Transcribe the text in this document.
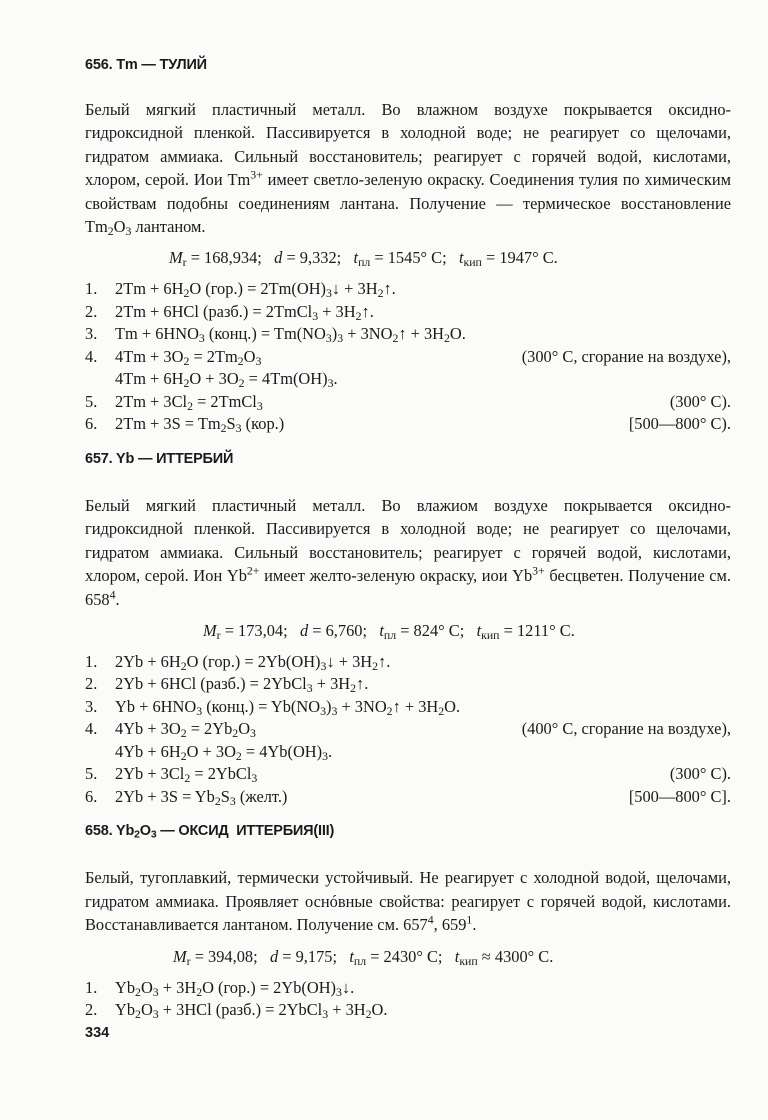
656. Tm — ТУЛИЙ

Белый мягкий пластичный металл. Во влажном воздухе покрывается оксидно-гидроксидной пленкой. Пассивируется в холодной воде; не реагирует со щелочами, гидратом аммиака. Сильный восстановитель; реагирует с горячей водой, кислотами, хлором, серой. Иои $Tm^{3+}$ имеет светло-зеленую окраску. Соединения тулия по химическим свойствам подобны соединениям лантана. Получение — термическое восстановление $Tm_2O_3$ лантаном.

$M_r = 168,934$;   d = 9,332;   $t_{пл} = 1545^\circ$ C;   $t_{кип} = 1947^\circ$ C.
1.	$2Tm + 6H_2O$ $(гор.) = 2Tm(OH)_3↓$ + $3H_2↑$.
2.	2Tm + 6HCl (разб.) = 2TmCl$_3$ + $3H_2↑$.
3.	$Tm + 6HNO_3$ (конц.) = $Tm(NO_3)_3$ + $3NO_2↑ + 3H_2O$.
4.	$4Tm + 3O_2 = 2Tm_2O_3$	(300° C, сгорание на воздухе),
$4Tm + 6H_2O + 3O_2 = 4Tm(OH)_3$.
5.	$2Tm + 3Cl_2$ = 2TmCl$_3$	(300° C).
6.	$2Tm + 3S = Tm_2S_3$ (кор.)	[500—800° C).
657. Yb — ИТТЕРБИЙ

Белый мягкий пластичный металл. Во влажиом воздухе покрывается оксидно-гидроксидной пленкой. Пассивируется в холодной воде; не реагирует со щелочами, гидратом аммиака. Сильный восстановитель; реагирует с горячей водой, кислотами, хлором, серой. Ион $Yb^{2+}$ имеет желто-зеленую окраску, иои $Yb^{3+}$ бесцветен. Получение см. $658^4$.

$M_r = 173,04$;   d = 6,760;   $t_{пл} = 824^\circ$ C;   $t_{кип} = 1211^\circ$ C.
1.	$2Yb + 6H_2O$ $(гор.) = 2Yb(OH)_3↓$ + $3H_2↑$.
2.	2Yb + 6HCl (разб.) = 2YbCl$_3$ + $3H_2↑$.
3.	$Yb + 6HNO_3$ (конц.) = $Yb(NO_3)_3$ + $3NO_2↑ + 3H_2O$.
4.	$4Yb + 3O_2 = 2Yb_2O_3$	(400° C, сгорание на воздухе),
$4Yb + 6H_2O + 3O_2 = 4Yb(OH)_3$.
5.	$2Yb + 3Cl_2$ = 2YbCl$_3$	(300° C).
6.	$2Yb + 3S = Yb_2S_3$ (желт.)	[500—800° C].
658. $Yb_2O_3$ — ОКСИД  ИТТЕРБИЯ(III)

Белый, тугоплавкий, термически устойчивый. Не реагирует с холодной водой, щелочами, гидратом аммиака. Проявляет оснóвные свойства: реагирует с горячей водой, кислотами. Восстанавливается лантаном. Получение см. $657^4$, $659^1$.

$M_r = 394,08$;   d = 9,175;   $t_{пл} = 2430^\circ$ C;   $t_{кип} \approx 4300^\circ$ C.
1.	$Yb_2O_3 + 3H_2O$ $(гор.) = 2Yb(OH)_3↓$.
2.	$Yb_2O_3 + 3HCl$ (разб.) = 2YbCl$_3$ + $3H_2O$.
334
